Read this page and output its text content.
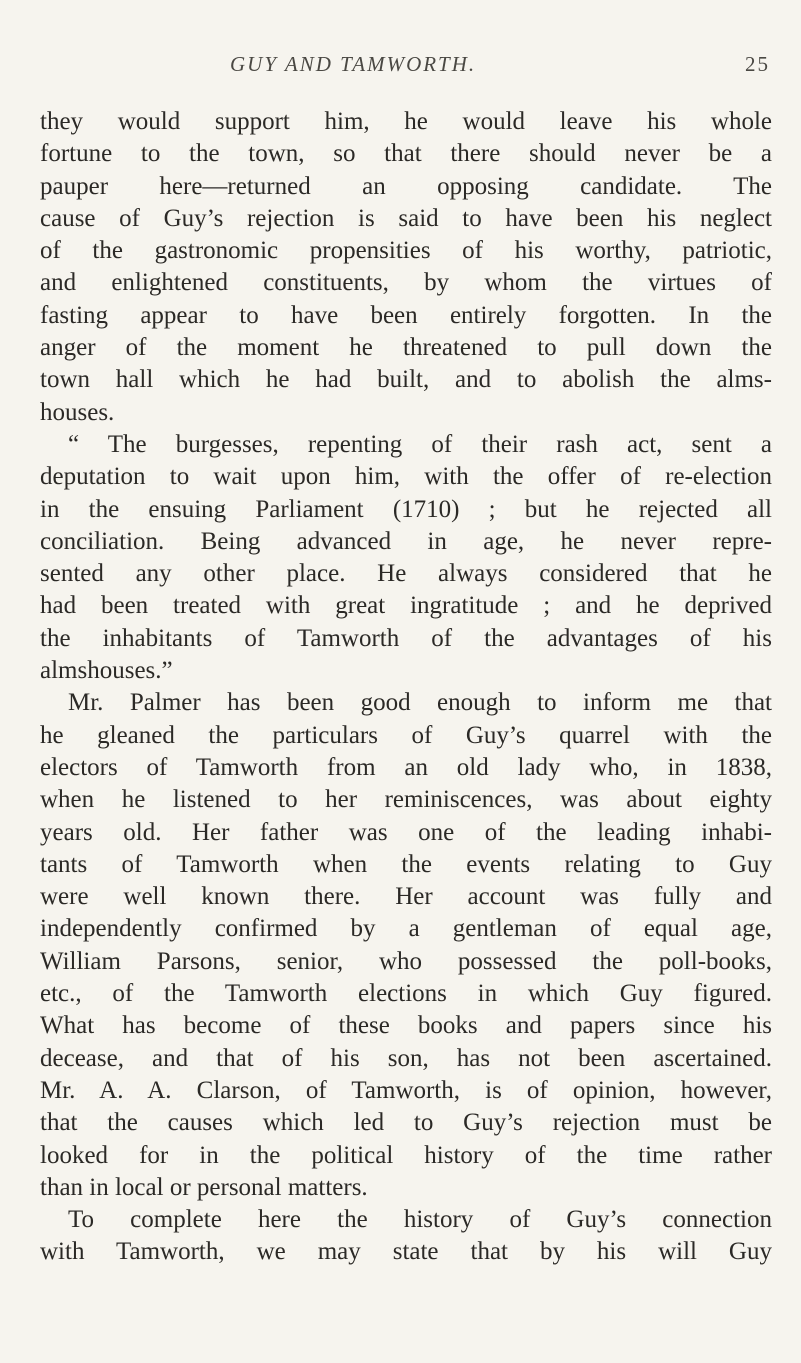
GUY AND TAMWORTH.	25
they would support him, he would leave his whole
fortune to the town, so that there should never be a
pauper here—returned an opposing candidate. The
cause of Guy’s rejection is said to have been his neglect
of the gastronomic propensities of his worthy, patriotic,
and enlightened constituents, by whom the virtues of
fasting appear to have been entirely forgotten. In the
anger of the moment he threatened to pull down the
town hall which he had built, and to abolish the alms-
houses.
“ The burgesses, repenting of their rash act, sent a
deputation to wait upon him, with the offer of re-election
in the ensuing Parliament (1710) ; but he rejected all
conciliation. Being advanced in age, he never repre-
sented any other place. He always considered that he
had been treated with great ingratitude ; and he deprived
the inhabitants of Tamworth of the advantages of his
almshouses.”
Mr. Palmer has been good enough to inform me that
he gleaned the particulars of Guy’s quarrel with the
electors of Tamworth from an old lady who, in 1838,
when he listened to her reminiscences, was about eighty
years old. Her father was one of the leading inhabi-
tants of Tamworth when the events relating to Guy
were well known there. Her account was fully and
independently confirmed by a gentleman of equal age,
William Parsons, senior, who possessed the poll-books,
etc., of the Tamworth elections in which Guy figured.
What has become of these books and papers since his
decease, and that of his son, has not been ascertained.
Mr. A. A. Clarson, of Tamworth, is of opinion, however,
that the causes which led to Guy’s rejection must be
looked for in the political history of the time rather
than in local or personal matters.
To complete here the history of Guy’s connection
with Tamworth, we may state that by his will Guy
